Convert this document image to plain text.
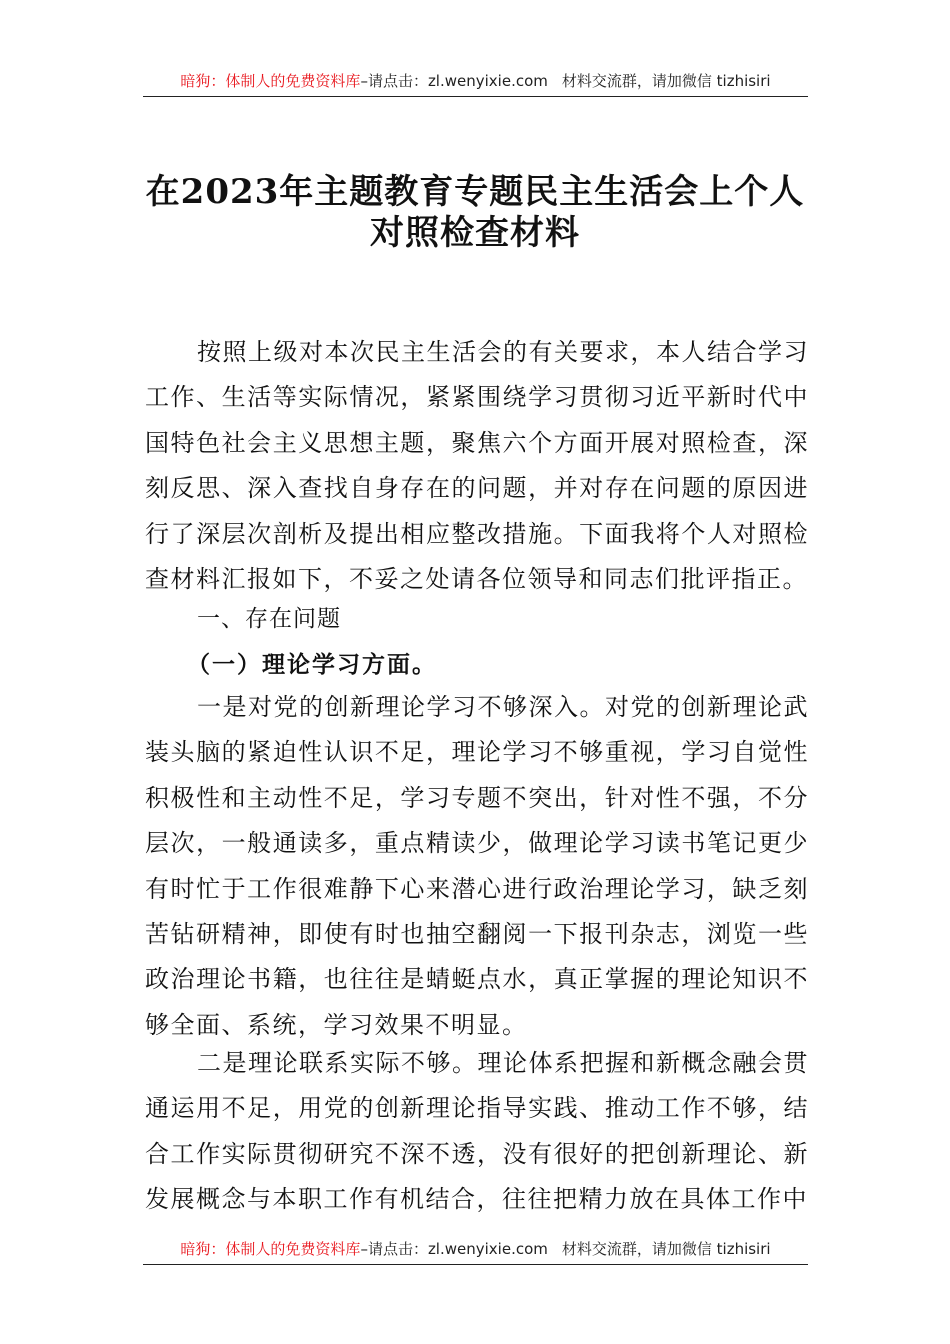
暗狗：体制人的免费资料库–请点击：zl.wenyixie.com 材料交流群，请加微信 tizhisiri
在2023年主题教育专题民主生活会上个人
对照检查材料

按照上级对本次民主生活会的有关要求，本人结合学习工作、生活等实际情况，紧紧围绕学习贯彻习近平新时代中国特色社会主义思想主题，聚焦六个方面开展对照检查，深刻反思、深入查找自身存在的问题，并对存在问题的原因进行了深层次剖析及提出相应整改措施。下面我将个人对照检查材料汇报如下，不妥之处请各位领导和同志们批评指正。

一、存在问题

（一）理论学习方面。

一是对党的创新理论学习不够深入。对党的创新理论武装头脑的紧迫性认识不足，理论学习不够重视，学习自觉性积极性和主动性不足，学习专题不突出，针对性不强，不分层次，一般通读多，重点精读少，做理论学习读书笔记更少有时忙于工作很难静下心来潜心进行政治理论学习，缺乏刻苦钻研精神，即使有时也抽空翻阅一下报刊杂志，浏览一些政治理论书籍，也往往是蜻蜓点水，真正掌握的理论知识不够全面、系统，学习效果不明显。

二是理论联系实际不够。理论体系把握和新概念融会贯通运用不足，用党的创新理论指导实践、推动工作不够，结合工作实际贯彻研究不深不透，没有很好的把创新理论、新发展概念与本职工作有机结合，往往把精力放在具体工作中

暗狗：体制人的免费资料库–请点击：zl.wenyixie.com 材料交流群，请加微信 tizhisiri
